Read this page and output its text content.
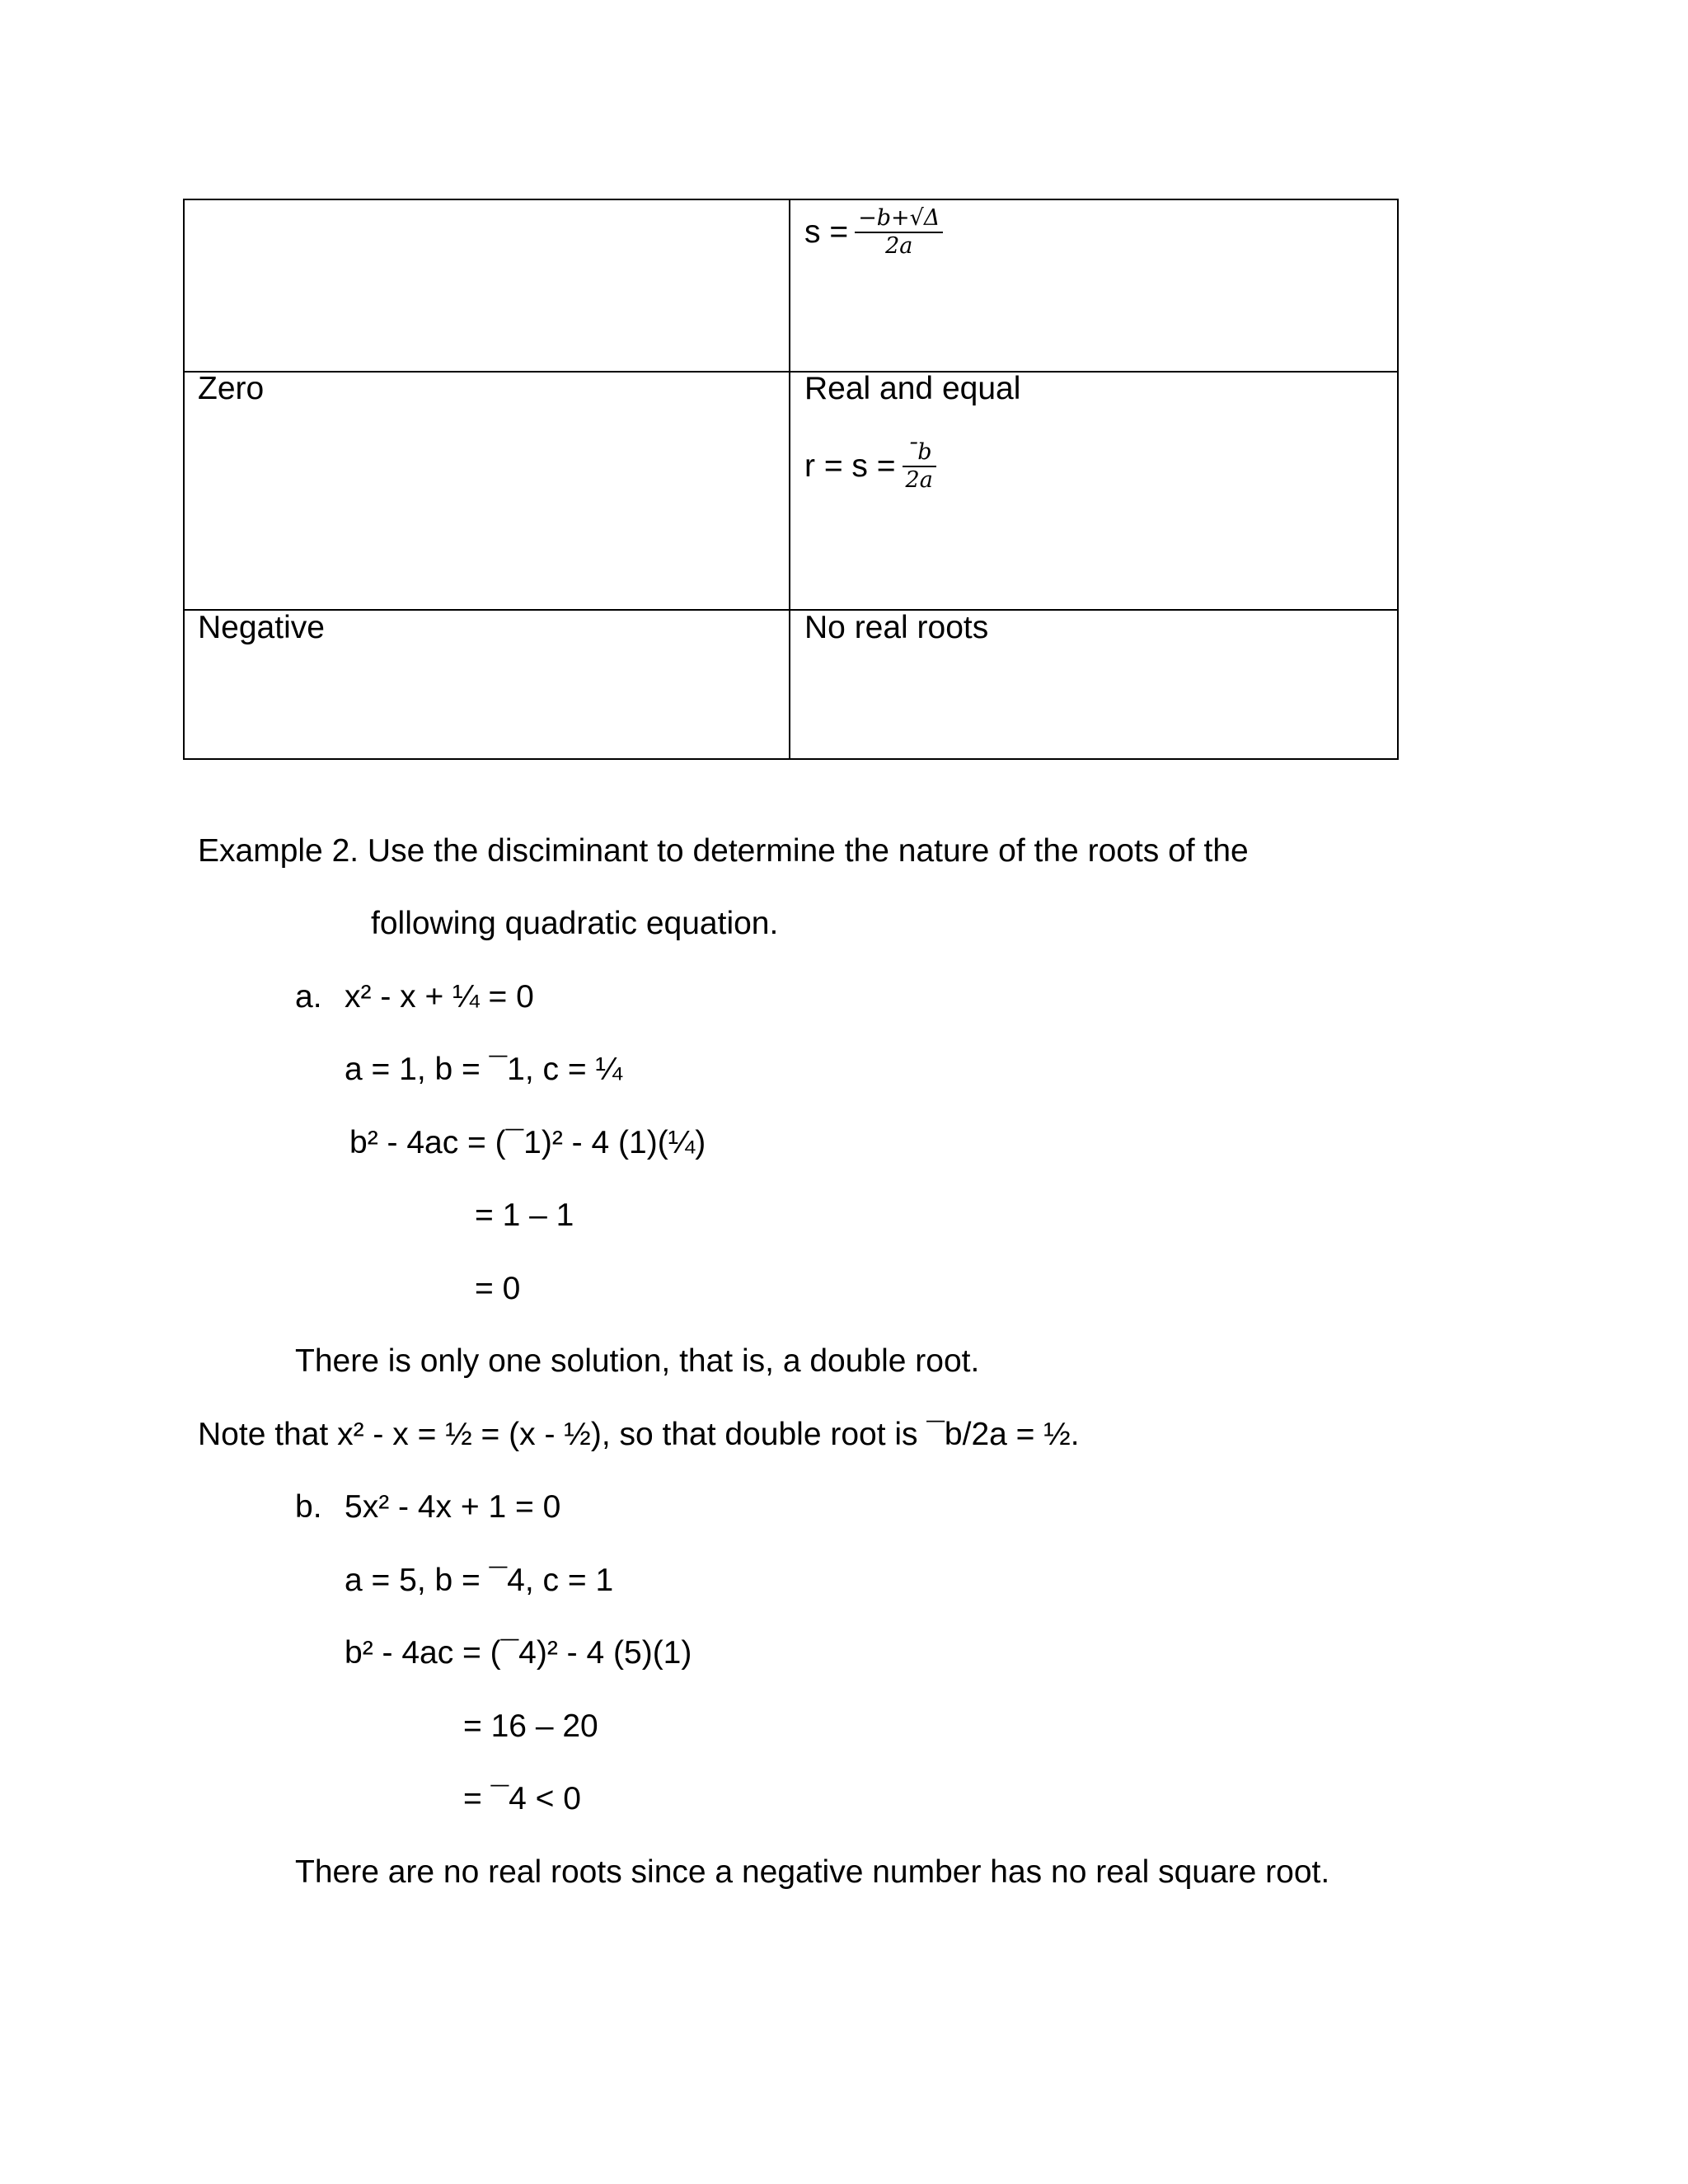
$s = \frac{-b+√\Delta}{2a}$
Zero	Real and equal
$r = s = \frac{¯b}{2a}$
Negative	No real roots
Example 2. Use the disciminant to determine the nature of the roots of the
following quadratic equation.
a. x² - x + ¼ = 0
a = 1, b = ¯1, c = ¼
b² - 4ac = (¯1)² - 4 (1)(¼)
= 1 – 1
= 0
There is only one solution, that is, a double root.
Note that x² - x = ½ = (x - ½), so that double root is ¯b/2a = ½.
b. 5x² - 4x + 1 = 0
a = 5, b = ¯4, c = 1
b² - 4ac = (¯4)² - 4 (5)(1)
= 16 – 20
= ¯4 < 0
There are no real roots since a negative number has no real square root.
